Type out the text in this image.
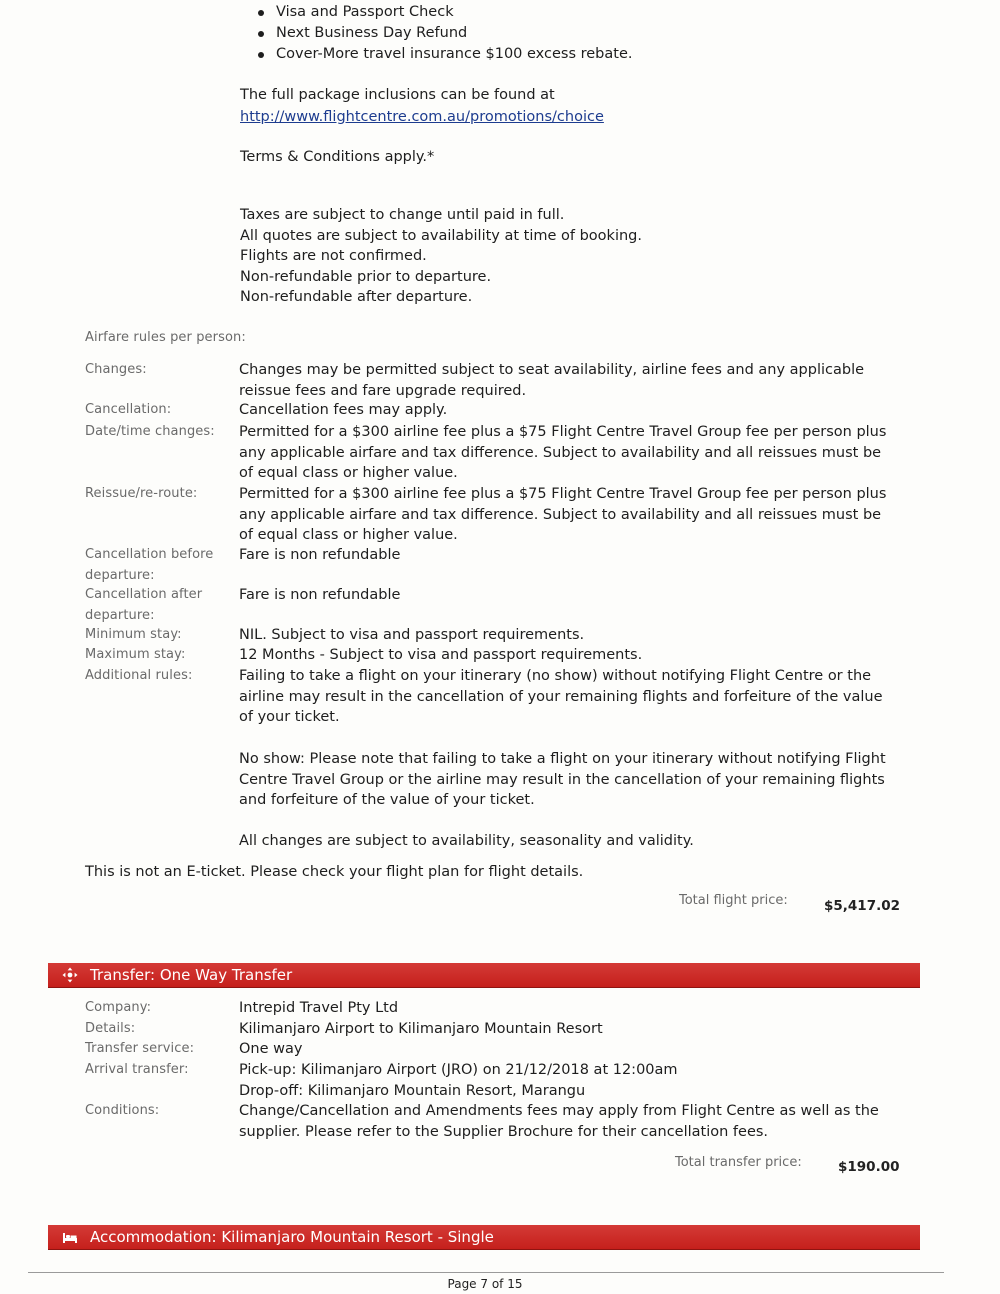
Visa and Passport Check
Next Business Day Refund
Cover-More travel insurance $100 excess rebate.
The full package inclusions can be found at
http://www.flightcentre.com.au/promotions/choice
Terms & Conditions apply.*
Taxes are subject to change until paid in full.
All quotes are subject to availability at time of booking.
Flights are not confirmed.
Non-refundable prior to departure.
Non-refundable after departure.
Airfare rules per person:
Changes:	Changes may be permitted subject to seat availability, airline fees and any applicable reissue fees and fare upgrade required.
Cancellation:	Cancellation fees may apply.
Date/time changes:	Permitted for a $300 airline fee plus a $75 Flight Centre Travel Group fee per person plus any applicable airfare and tax difference. Subject to availability and all reissues must be of equal class or higher value.
Reissue/re-route:	Permitted for a $300 airline fee plus a $75 Flight Centre Travel Group fee per person plus any applicable airfare and tax difference. Subject to availability and all reissues must be of equal class or higher value.
Cancellation before departure:
Fare is non refundable
Cancellation after departure:
Fare is non refundable
Minimum stay:	NIL. Subject to visa and passport requirements.
Maximum stay:	12 Months - Subject to visa and passport requirements.
Additional rules:	Failing to take a flight on your itinerary (no show) without notifying Flight Centre or the airline may result in the cancellation of your remaining flights and forfeiture of the value of your ticket.
No show: Please note that failing to take a flight on your itinerary without notifying Flight Centre Travel Group or the airline may result in the cancellation of your remaining flights and forfeiture of the value of your ticket.
All changes are subject to availability, seasonality and validity.
This is not an E-ticket. Please check your flight plan for flight details.
Total flight price:	$5,417.02
Transfer: One Way Transfer
Company:	Intrepid Travel Pty Ltd
Details:	Kilimanjaro Airport to Kilimanjaro Mountain Resort
Transfer service:	One way
Arrival transfer:	Pick-up: Kilimanjaro Airport (JRO) on 21/12/2018 at 12:00am
Drop-off: Kilimanjaro Mountain Resort, Marangu
Conditions:	Change/Cancellation and Amendments fees may apply from Flight Centre as well as the supplier. Please refer to the Supplier Brochure for their cancellation fees.
Total transfer price:	$190.00
Accommodation: Kilimanjaro Mountain Resort - Single
Page 7 of 15
